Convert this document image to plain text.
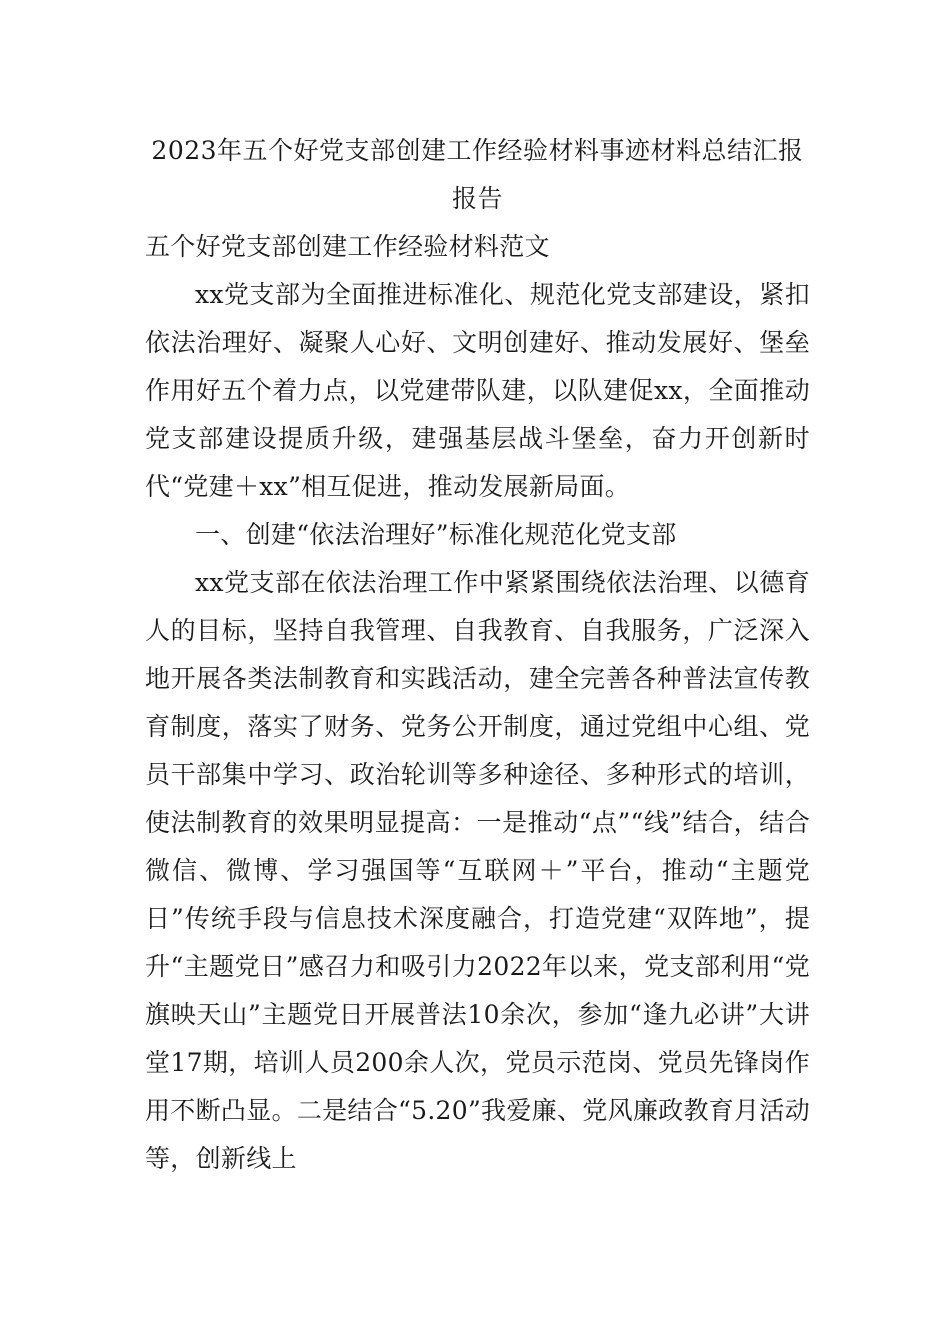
2023年五个好党支部创建工作经验材料事迹材料总结汇报报告

五个好党支部创建工作经验材料范文

xx党支部为全面推进标准化、规范化党支部建设，紧扣依法治理好、凝聚人心好、文明创建好、推动发展好、堡垒作用好五个着力点，以党建带队建，以队建促xx，全面推动党支部建设提质升级，建强基层战斗堡垒，奋力开创新时代“党建＋xx”相互促进，推动发展新局面。

一、创建“依法治理好”标准化规范化党支部

xx党支部在依法治理工作中紧紧围绕依法治理、以德育人的目标，坚持自我管理、自我教育、自我服务，广泛深入地开展各类法制教育和实践活动，建全完善各种普法宣传教育制度，落实了财务、党务公开制度，通过党组中心组、党员干部集中学习、政治轮训等多种途径、多种形式的培训，使法制教育的效果明显提高：一是推动“点”“线”结合，结合微信、微博、学习强国等“互联网＋”平台，推动“主题党日”传统手段与信息技术深度融合，打造党建“双阵地”，提升“主题党日”感召力和吸引力2022年以来，党支部利用“党旗映天山”主题党日开展普法10余次，参加“逢九必讲”大讲堂17期，培训人员200余人次，党员示范岗、党员先锋岗作用不断凸显。二是结合“5.20”我爱廉、党风廉政教育月活动等，创新线上
